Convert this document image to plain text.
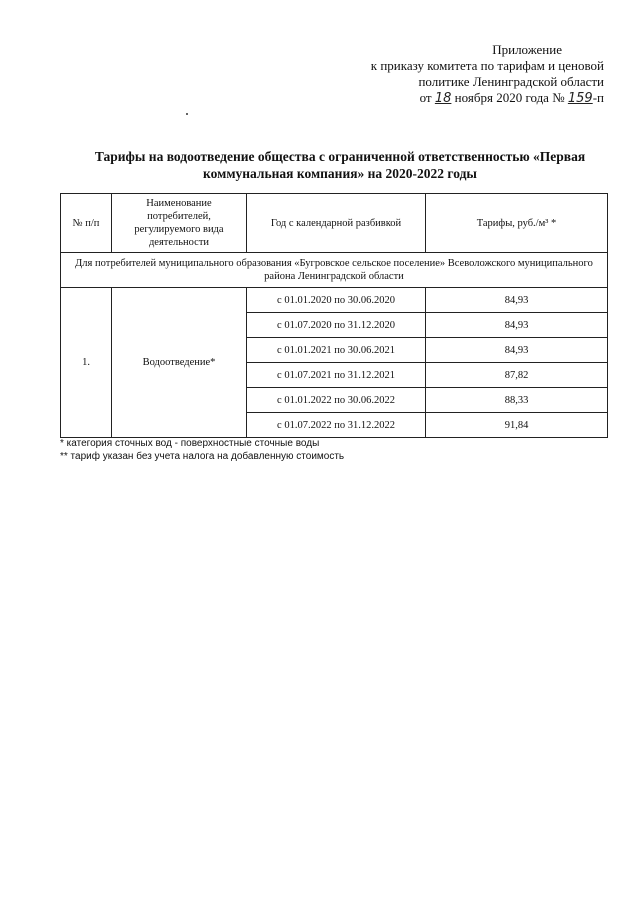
Приложение
к приказу комитета по тарифам и ценовой
политике Ленинградской области
от 18 ноября 2020 года № 159-п
Тарифы на водоотведение общества с ограниченной ответственностью «Первая коммунальная компания» на 2020-2022 годы
№ п/п	Наименование потребителей, регулируемого вида деятельности	Год с календарной разбивкой	Тарифы, руб./м³ *
Для потребителей муниципального образования «Бугровское сельское поселение» Всеволожского муниципального района Ленинградской области			
1.	Водоотведение*	с 01.01.2020 по 30.06.2020	84,93
		с 01.07.2020 по 31.12.2020	84,93
		с 01.01.2021 по 30.06.2021	84,93
		с 01.07.2021 по 31.12.2021	87,82
		с 01.01.2022 по 30.06.2022	88,33
		с 01.07.2022 по 31.12.2022	91,84
* категория сточных вод - поверхностные сточные воды
** тариф указан без учета налога на добавленную стоимость
